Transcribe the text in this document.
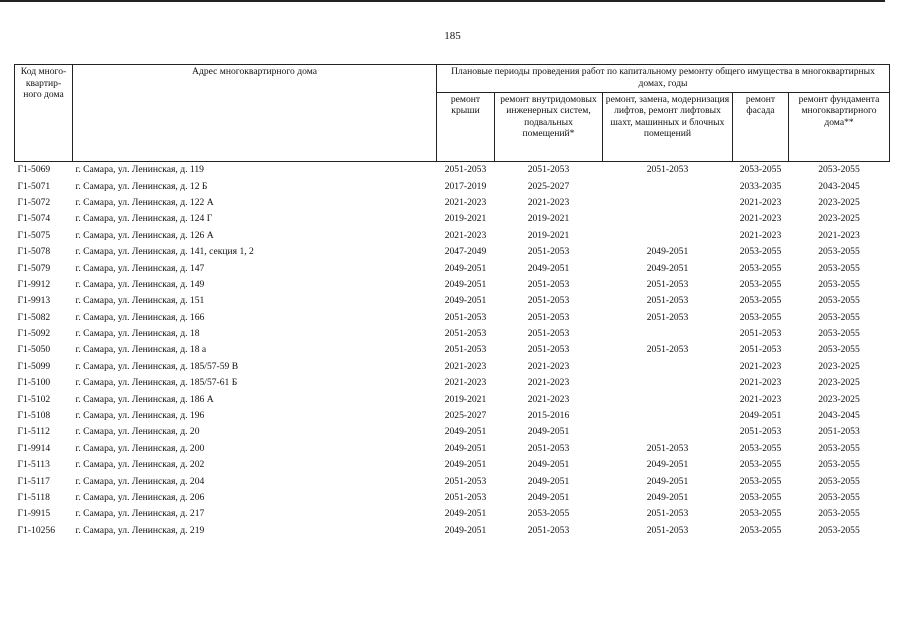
185
Код много-квартир-ного дома	Адрес многоквартирного дома	Плановые периоды проведения работ по капитальному ремонту общего имущества в многоквартирных домах, годы				
		ремонт крыши	ремонт внутридомовых инженерных систем, подвальных помещений*	ремонт, замена, модернизация лифтов, ремонт лифтовых шахт, машинных и блочных помещений	ремонт фасада	ремонт фундамента многоквартирного дома**
Г1-5069	г. Самара, ул. Ленинская, д. 119	2051-2053	2051-2053	2051-2053	2053-2055	2053-2055
Г1-5071	г. Самара, ул. Ленинская, д. 12 Б	2017-2019	2025-2027		2033-2035	2043-2045
Г1-5072	г. Самара, ул. Ленинская, д. 122 А	2021-2023	2021-2023		2021-2023	2023-2025
Г1-5074	г. Самара, ул. Ленинская, д. 124 Г	2019-2021	2019-2021		2021-2023	2023-2025
Г1-5075	г. Самара, ул. Ленинская, д. 126 А	2021-2023	2019-2021		2021-2023	2021-2023
Г1-5078	г. Самара, ул. Ленинская, д. 141, секция 1, 2	2047-2049	2051-2053	2049-2051	2053-2055	2053-2055
Г1-5079	г. Самара, ул. Ленинская, д. 147	2049-2051	2049-2051	2049-2051	2053-2055	2053-2055
Г1-9912	г. Самара, ул. Ленинская, д. 149	2049-2051	2051-2053	2051-2053	2053-2055	2053-2055
Г1-9913	г. Самара, ул. Ленинская, д. 151	2049-2051	2051-2053	2051-2053	2053-2055	2053-2055
Г1-5082	г. Самара, ул. Ленинская, д. 166	2051-2053	2051-2053	2051-2053	2053-2055	2053-2055
Г1-5092	г. Самара, ул. Ленинская, д. 18	2051-2053	2051-2053		2051-2053	2053-2055
Г1-5050	г. Самара, ул. Ленинская, д. 18 а	2051-2053	2051-2053	2051-2053	2051-2053	2053-2055
Г1-5099	г. Самара, ул. Ленинская, д. 185/57-59 В	2021-2023	2021-2023		2021-2023	2023-2025
Г1-5100	г. Самара, ул. Ленинская, д. 185/57-61 Б	2021-2023	2021-2023		2021-2023	2023-2025
Г1-5102	г. Самара, ул. Ленинская, д. 186 А	2019-2021	2021-2023		2021-2023	2023-2025
Г1-5108	г. Самара, ул. Ленинская, д. 196	2025-2027	2015-2016		2049-2051	2043-2045
Г1-5112	г. Самара, ул. Ленинская, д. 20	2049-2051	2049-2051		2051-2053	2051-2053
Г1-9914	г. Самара, ул. Ленинская, д. 200	2049-2051	2051-2053	2051-2053	2053-2055	2053-2055
Г1-5113	г. Самара, ул. Ленинская, д. 202	2049-2051	2049-2051	2049-2051	2053-2055	2053-2055
Г1-5117	г. Самара, ул. Ленинская, д. 204	2051-2053	2049-2051	2049-2051	2053-2055	2053-2055
Г1-5118	г. Самара, ул. Ленинская, д. 206	2051-2053	2049-2051	2049-2051	2053-2055	2053-2055
Г1-9915	г. Самара, ул. Ленинская, д. 217	2049-2051	2053-2055	2051-2053	2053-2055	2053-2055
Г1-10256	г. Самара, ул. Ленинская, д. 219	2049-2051	2051-2053	2051-2053	2053-2055	2053-2055
